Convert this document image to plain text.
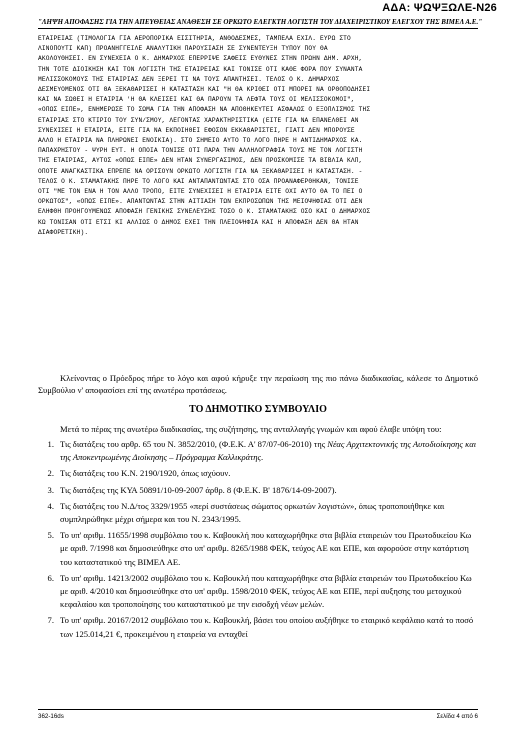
ΑΔΑ: ΨΩΨΞΩΛΕ-Ν26
"ΛΗΨΗ ΑΠΟΦΑΣΗΣ ΓΙΑ ΤΗΝ ΑΠΕΥΘΕΙΑΣ ΑΝΑΘΕΣΗ ΣΕ ΟΡΚΩΤΟ ΕΛΕΓΚΤΗ ΛΟΓΙΣΤΗ ΤΟΥ ΔΙΑΧΕΙΡΙΣΤΙΚΟΥ ΕΛΕΓΧΟΥ ΤΗΣ ΒΙΜΕΛ Α.Ε."
ΕΤΑΙΡΕΙΑΣ (ΤΙΜΟΛΟΓΙΑ ΓΙΑ ΑΕΡΟΠΟΡΙΚΑ ΕΙΣΙΤΗΡΙΑ, ΑΝΘΟΔΕΣΜΕΣ, ΤΑΜΠΕΛΑ ΕΧΙΛ. ΕΥΡΩ ΣΤΟ
ΛΙΝΟΠΟΥΤΙ ΚΑΠ) ΠΡΟΑΝΗΓΓΕΙΛΕ ΑΝΑΛΥΤΙΚΗ ΠΑΡΟΥΣΙΑΣΗ ΣΕ ΣΥΝΕΝΤΕΥΞΗ ΤΥΠΟΥ ΠΟΥ ΘΑ
ΑΚΟΛΟΥΘΗΣΕΙ. ΕΝ ΣΥΝΕΧΕΙΑ Ο Κ. ΔΗΜΑΡΧΟΣ ΕΠΕΡΡΙΨΕ ΣΑΦΕΙΣ ΕΥΘΥΝΕΣ ΣΤΗΝ ΠΡΩΗΝ ΔΗΜ. ΑΡΧΗ,
ΤΗΝ ΤΟΤΕ ΔΙΟΙΚΗΣΗ ΚΑΙ ΤΟΝ ΛΟΓΙΣΤΗ ΤΗΣ ΕΤΑΙΡΕΙΑΣ ΚΑΙ ΤΟΝΙΣΕ ΟΤΙ ΚΑΘΕ ΦΟΡΑ ΠΟΥ ΣΥΝΑΝΤΑ
ΜΕΛΙΣΣΟΚΟΜΟΥΣ ΤΗΣ ΕΤΑΙΡΙΑΣ ΔΕΝ ΞΕΡΕΙ ΤΙ ΝΑ ΤΟΥΣ ΑΠΑΝΤΗΣΕΙ. ΤΕΛΟΣ Ο Κ. ΔΗΜΑΡΧΟΣ
ΔΕΣΜΕΥΟΜΕΝΟΣ ΟΤΙ ΘΑ ΞΕΚΑΘΑΡΙΣΕΙ Η ΚΑΤΑΣΤΑΣΗ ΚΑΙ "Η ΘΑ ΚΡΙΘΕΙ ΟΤΙ ΜΠΟΡΕΙ ΝΑ ΟΡΘΟΠΟΔΗΣΕΙ
ΚΑΙ ΝΑ ΣΩΘΕΙ Η ΕΤΑΙΡΙΑ 'Η ΘΑ ΚΛΕΙΣΕΙ ΚΑΙ ΘΑ ΠΑΡΟΥΝ ΤΑ ΛΕΦΤΑ ΤΟΥΣ ΟΙ ΜΕΛΙΣΣΟΚΟΜΟΙ",
«ΟΠΩΣ ΕΙΠΕ», ΕΝΗΜΕΡΩΣΕ ΤΟ ΣΩΜΑ ΓΙΑ ΤΗΝ ΑΠΟΦΑΣΗ ΝΑ ΑΠΟΘΗΚΕΥΤΕΙ ΑΣΦΑΛΩΣ Ο ΕΞΟΠΛΙΣΜΟΣ ΤΗΣ
ΕΤΑΙΡΙΑΣ ΣΤΟ ΚΤΙΡΙΟ ΤΟΥ ΣΥΝ/ΣΜΟΥ, ΛΕΓΟΝΤΑΣ ΧΑΡΑΚΤΗΡΙΣΤΙΚΑ (ΕΙΤΕ ΓΙΑ ΝΑ ΕΠΑΝΕΛΘΕΙ ΑΝ
ΣΥΝΕΧΙΣΕΙ Η ΕΤΑΙΡΙΑ, ΕΙΤΕ ΓΙΑ ΝΑ ΕΚΠΟΙΗΘΕΙ ΕΦΟΣΟΝ ΕΚΚΑΘΑΡΙΣΤΕΙ, ΓΙΑΤΙ ΔΕΝ ΜΠΟΡΟΥΣΕ
ΑΛΛΟ Η ΕΤΑΙΡΙΑ ΝΑ ΠΛΗΡΩΝΕΙ ΕΝΟΙΚΙΑ). ΣΤΟ ΣΗΜΕΙΟ ΑΥΤΟ ΤΟ ΛΟΓΟ ΠΗΡΕ Η ΑΝΤΙΔΗΜΑΡΧΟΣ ΚΑ.
ΠΑΠΑΧΡΗΣΤΟΥ - ΨΥΡΗ ΕΥΤ. Η ΟΠΟΙΑ ΤΟΝΙΣΕ ΟΤΙ ΠΑΡΑ ΤΗΝ ΑΛΛΗΛΟΓΡΑΦΙΑ ΤΟΥΣ ΜΕ ΤΟΝ ΛΟΓΙΣΤΗ
ΤΗΣ ΕΤΑΙΡΙΑΣ, ΑΥΤΟΣ «ΟΠΩΣ ΕΙΠΕ» ΔΕΝ ΗΤΑΝ ΣΥΝΕΡΓΑΣΙΜΟΣ, ΔΕΝ ΠΡΟΣΚΟΜΙΣΕ ΤΑ ΒΙΒΛΙΑ ΚΛΠ,
ΟΠΟΤΕ ΑΝΑΓΚΑΣΤΙΚΑ ΕΠΡΕΠΕ ΝΑ ΟΡΙΣΟΥΝ ΟΡΚΩΤΟ ΛΟΓΙΣΤΗ ΓΙΑ ΝΑ ΞΕΚΑΘΑΡΙΣΕΙ Η ΚΑΤΑΣΤΑΣΗ. -
ΤΕΛΟΣ Ο Κ. ΣΤΑΜΑΤΑΚΗΣ ΠΗΡΕ ΤΟ ΛΟΓΟ ΚΑΙ ΑΝΤΑΠΑΝΤΩΝΤΑΣ ΣΤΟ ΟΣΑ ΠΡΟΑΝΑΦΕΡΘΗΚΑΝ, ΤΟΝΙΣΕ
ΟΤΙ "ΜΕ ΤΟΝ ΕΝΑ Η ΤΟΝ ΑΛΛΟ ΤΡΟΠΟ, ΕΙΤΕ ΣΥΝΕΧΙΣΕΙ Η ΕΤΑΙΡΙΑ ΕΙΤΕ ΟΧΙ ΑΥΤΟ ΘΑ ΤΟ ΠΕΙ Ο
ΟΡΚΩΤΟΣ", «ΟΠΩΣ ΕΙΠΕ». ΑΠΑΝΤΩΝΤΑΣ ΣΤΗΝ ΑΙΤΙΑΣΗ ΤΩΝ ΕΚΠΡΟΣΩΠΩΝ ΤΗΣ ΜΕΙΟΨΗΦΙΑΣ ΟΤΙ ΔΕΝ
ΕΛΗΦΘΗ ΠΡΟΗΓΟΥΜΕΝΩΣ ΑΠΟΦΑΣΗ ΓΕΝΙΚΗΣ ΣΥΝΕΛΕΥΣΗΣ ΤΟΣΟ Ο Κ. ΣΤΑΜΑΤΑΚΗΣ ΟΣΟ ΚΑΙ Ο ΔΗΜΑΡΧΟΣ
ΚΩ ΤΟΝΙΣΑΝ ΟΤΙ ΕΤΣΙ ΚΙ ΑΛΛΙΩΣ Ο ΔΗΜΟΣ ΕΧΕΙ ΤΗΝ ΠΛΕΙΟΨΗΦΙΑ ΚΑΙ Η ΑΠΟΦΑΣΗ ΔΕΝ ΘΑ ΗΤΑΝ
ΔΙΑΦΟΡΕΤΙΚΗ).

Κλείνοντας ο Πρόεδρος πήρε το λόγο και αφού κήρυξε την περαίωση της πιο πάνω διαδικασίας, κάλεσε το Δημοτικό Συμβούλιο ν' αποφασίσει επί της ανωτέρω προτάσεως.

ΤΟ ΔΗΜΟΤΙΚΟ ΣΥΜΒΟΥΛΙΟ

Μετά το πέρας της ανωτέρω διαδικασίας, της συζήτησης, της ανταλλαγής γνωμών και αφού έλαβε υπόψη του:

1. Τις διατάξεις του αρθρ. 65 του Ν. 3852/2010, (Φ.Ε.Κ. Α' 87/07-06-2010) της Νέας Αρχιτεκτονικής της Αυτοδιοίκησης και της Αποκεντρωμένης Διοίκησης – Πρόγραμμα Καλλικράτης.
2. Τις διατάξεις του Κ.Ν. 2190/1920, όπως ισχύουν.
3. Τις διατάξεις της ΚΥΑ 50891/10-09-2007 άρθρ. 8 (Φ.Ε.Κ. Β' 1876/14-09-2007).
4. Τις διατάξεις του Ν.Δ/τος 3329/1955 «περί συστάσεως σώματος ορκωτών λογιστών», όπως τροποποιήθηκε και συμπληρώθηκε μέχρι σήμερα και του Ν. 2343/1995.
5. Το υπ' αριθμ. 11655/1998 συμβόλαιο του κ. Καβουκλή που καταχωρήθηκε στα βιβλία εταιρειών του Πρωτοδικείου Κω με αριθ. 7/1998 και δημοσιεύθηκε στο υπ' αριθμ. 8265/1988 ΦΕΚ, τεύχος ΑΕ και ΕΠΕ, και αφορούσε στην κατάρτιση του καταστατικού της ΒΙΜΕΛ ΑΕ.
6. Το υπ' αριθμ. 14213/2002 συμβόλαιο του κ. Καβουκλή που καταχωρήθηκε στα βιβλία εταιρειών του Πρωτοδικείου Κω με αριθ. 4/2010 και δημοσιεύθηκε στο υπ' αριθμ. 1598/2010 ΦΕΚ, τεύχος ΑΕ και ΕΠΕ, περί αυξησης του μετοχικού κεφαλαίου και τροποποίησης του καταστατικού με την εισοδχή νέων μελών.
7. Το υπ' αριθμ. 20167/2012 συμβόλαιο του κ. Καβουκλή, βάσει του οποίου αυξήθηκε το εταιρικό κεφάλαιο κατά το ποσό των 125.014,21 €, προκειμένου η εταιρεία να ενταχθεί
362-16ds	Σελίδα 4 από 6
